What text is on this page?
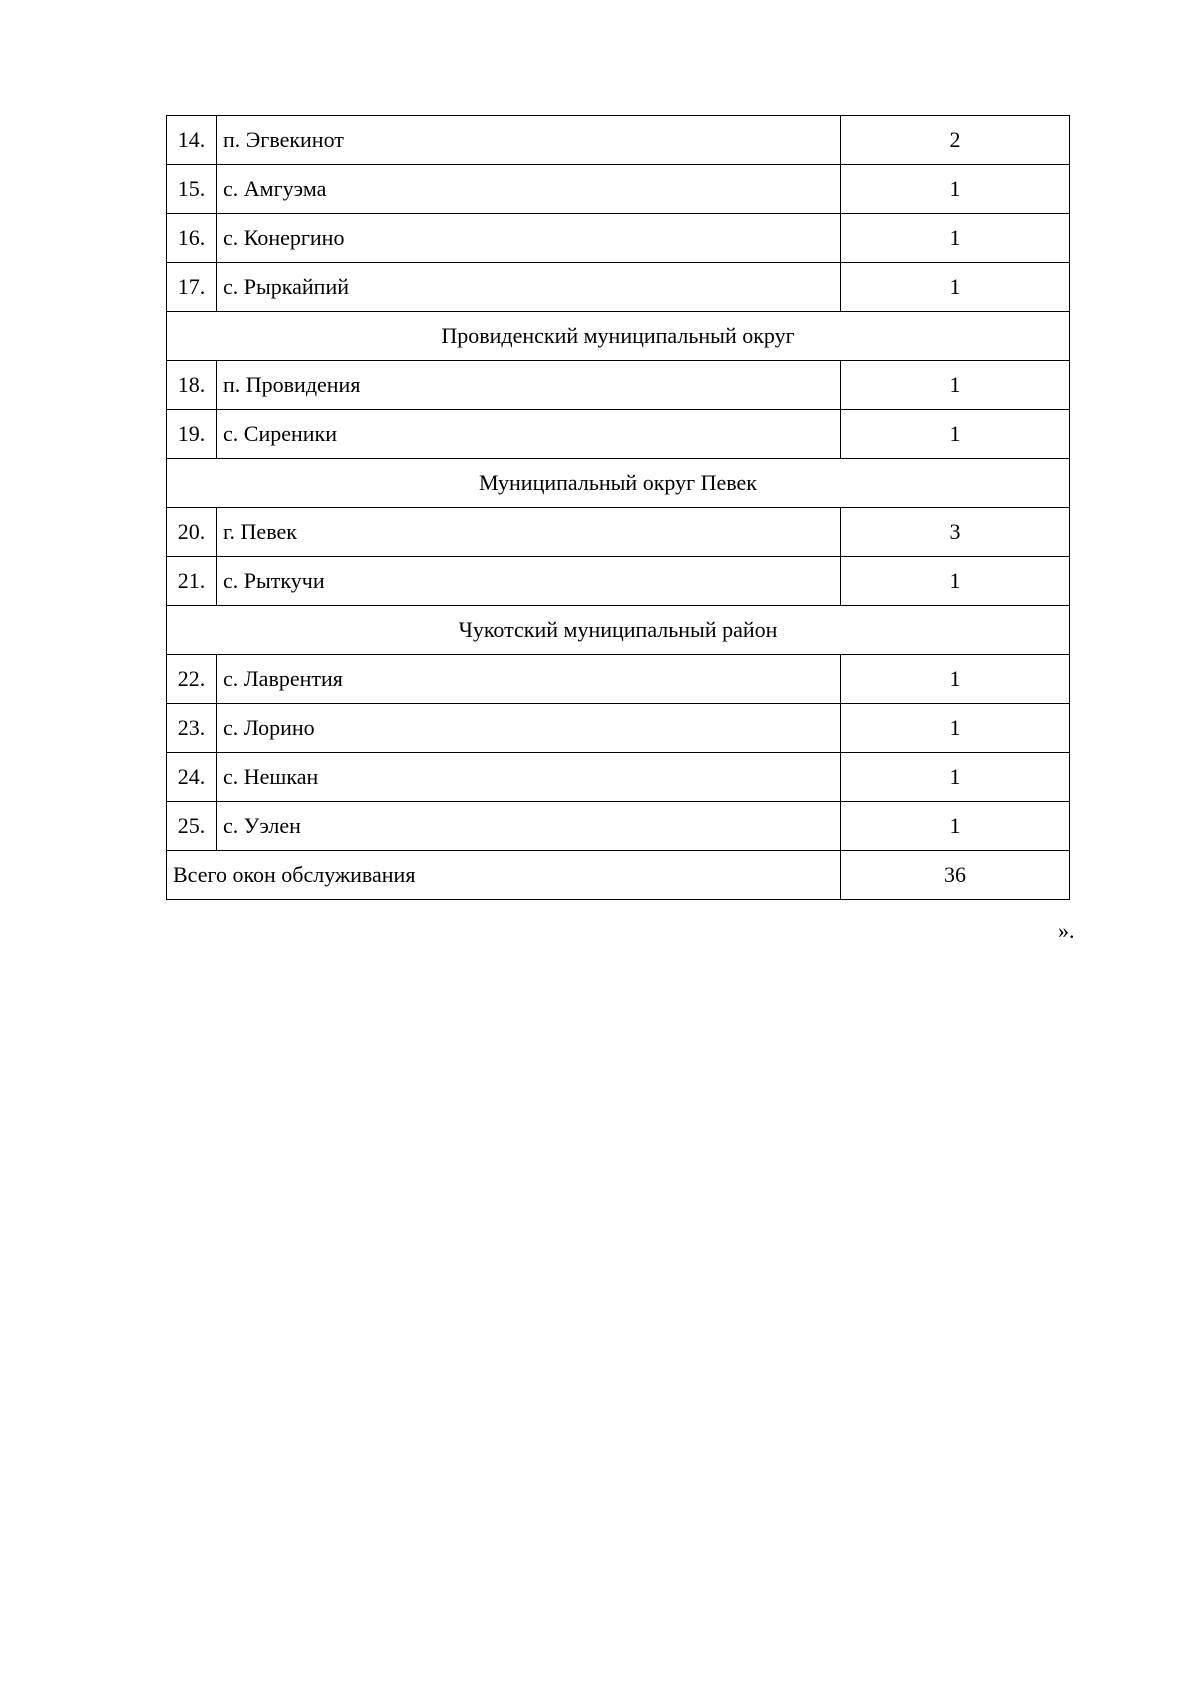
14.	п. Эгвекинот	2
15.	с. Амгуэма	1
16.	с. Конергино	1
17.	с. Рыркайпий	1
Провиденский муниципальный округ		
18.	п. Провидения	1
19.	с. Сиреники	1
Муниципальный округ Певек		
20.	г. Певек	3
21.	с. Рыткучи	1
Чукотский муниципальный район		
22.	с. Лаврентия	1
23.	с. Лорино	1
24.	с. Нешкан	1
25.	с. Уэлен	1
Всего окон обслуживания		36
».
